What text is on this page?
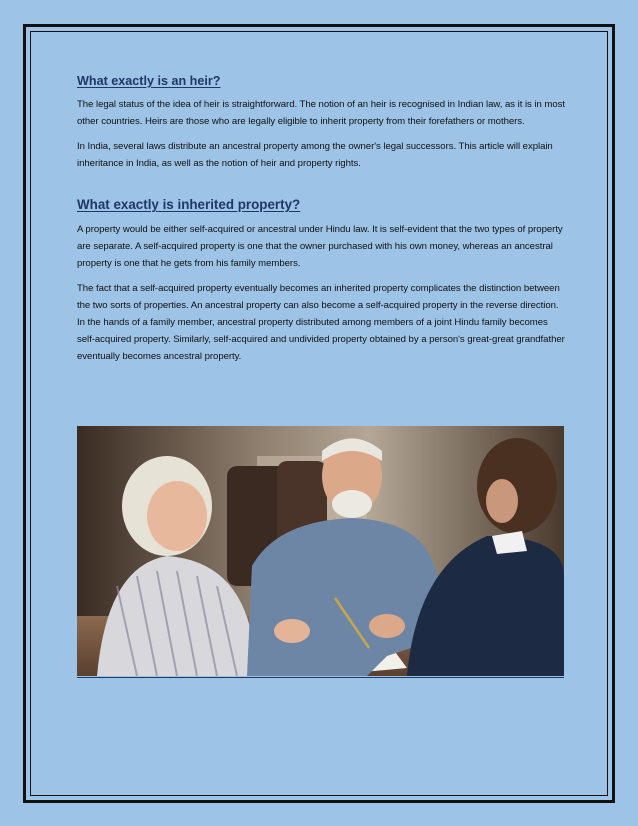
What exactly is an heir?

The legal status of the idea of heir is straightforward. The notion of an heir is recognised in Indian law, as it is in most other countries. Heirs are those who are legally eligible to inherit property from their forefathers or mothers.

In India, several laws distribute an ancestral property among the owner's legal successors. This article will explain inheritance in India, as well as the notion of heir and property rights.

What exactly is inherited property?

A property would be either self-acquired or ancestral under Hindu law. It is self-evident that the two types of property are separate. A self-acquired property is one that the owner purchased with his own money, whereas an ancestral property is one that he gets from his family members.

The fact that a self-acquired property eventually becomes an inherited property complicates the distinction between the two sorts of properties. An ancestral property can also become a self-acquired property in the reverse direction. In the hands of a family member, ancestral property distributed among members of a joint Hindu family becomes self-acquired property. Similarly, self-acquired and undivided property obtained by a person's great-great grandfather eventually becomes ancestral property.
